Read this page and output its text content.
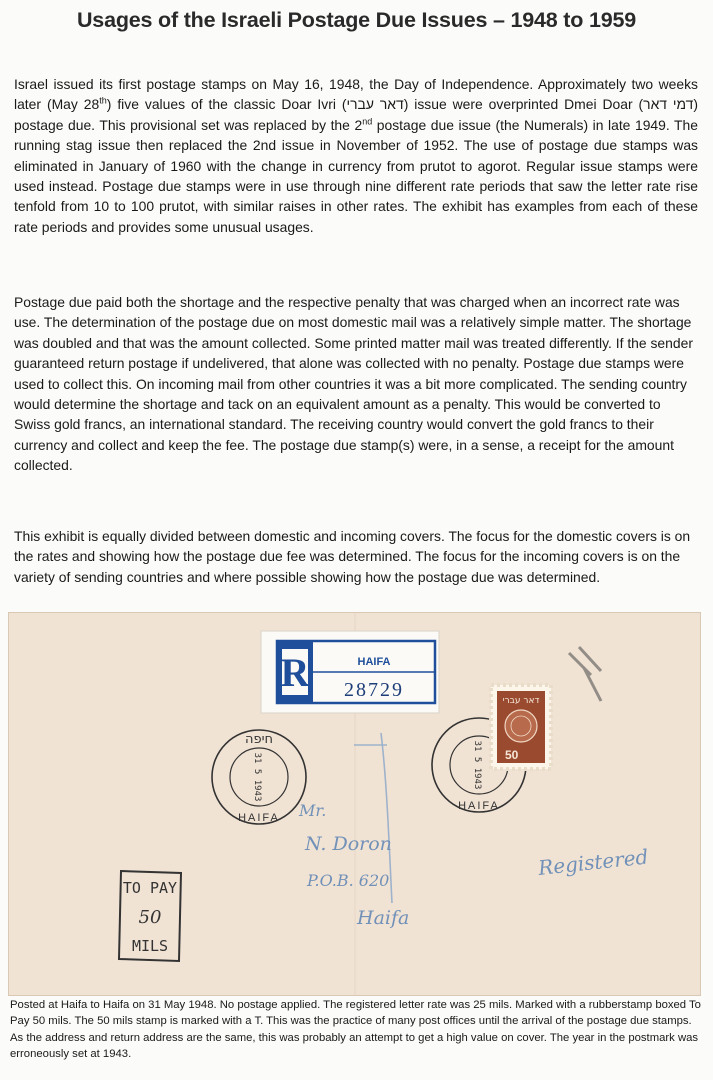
Usages of the Israeli Postage Due Issues – 1948 to 1959

Israel issued its first postage stamps on May 16, 1948, the Day of Independence. Approximately two weeks later (May 28th) five values of the classic Doar Ivri (דאר עברי) issue were overprinted Dmei Doar (דמי דאר) postage due. This provisional set was replaced by the 2nd postage due issue (the Numerals) in late 1949. The running stag issue then replaced the 2nd issue in November of 1952. The use of postage due stamps was eliminated in January of 1960 with the change in currency from prutot to agorot. Regular issue stamps were used instead. Postage due stamps were in use through nine different rate periods that saw the letter rate rise tenfold from 10 to 100 prutot, with similar raises in other rates. The exhibit has examples from each of these rate periods and provides some unusual usages.

Postage due paid both the shortage and the respective penalty that was charged when an incorrect rate was use. The determination of the postage due on most domestic mail was a relatively simple matter. The shortage was doubled and that was the amount collected. Some printed matter mail was treated differently. If the sender guaranteed return postage if undelivered, that alone was collected with no penalty. Postage due stamps were used to collect this. On incoming mail from other countries it was a bit more complicated. The sending country would determine the shortage and tack on an equivalent amount as a penalty. This would be converted to Swiss gold francs, an international standard. The receiving country would convert the gold francs to their currency and collect and keep the fee. The postage due stamp(s) were, in a sense, a receipt for the amount collected.

This exhibit is equally divided between domestic and incoming covers. The focus for the domestic covers is on the rates and showing how the postage due fee was determined. The focus for the incoming covers is on the variety of sending countries and where possible showing how the postage due was determined.

R	HAIFA
28729
חיפה
31 5 1943
HAIFA
31 5 1943
HAIFA
דאר עברי
50
TO PAY
50
MILS
Mr.
N. Doron
P.O.B. 620
Haifa
Registered

Posted at Haifa to Haifa on 31 May 1948. No postage applied. The registered letter rate was 25 mils. Marked with a rubberstamp boxed To Pay 50 mils. The 50 mils stamp is marked with a T. This was the practice of many post offices until the arrival of the postage due stamps. As the address and return address are the same, this was probably an attempt to get a high value on cover. The year in the postmark was erroneously set at 1943.
